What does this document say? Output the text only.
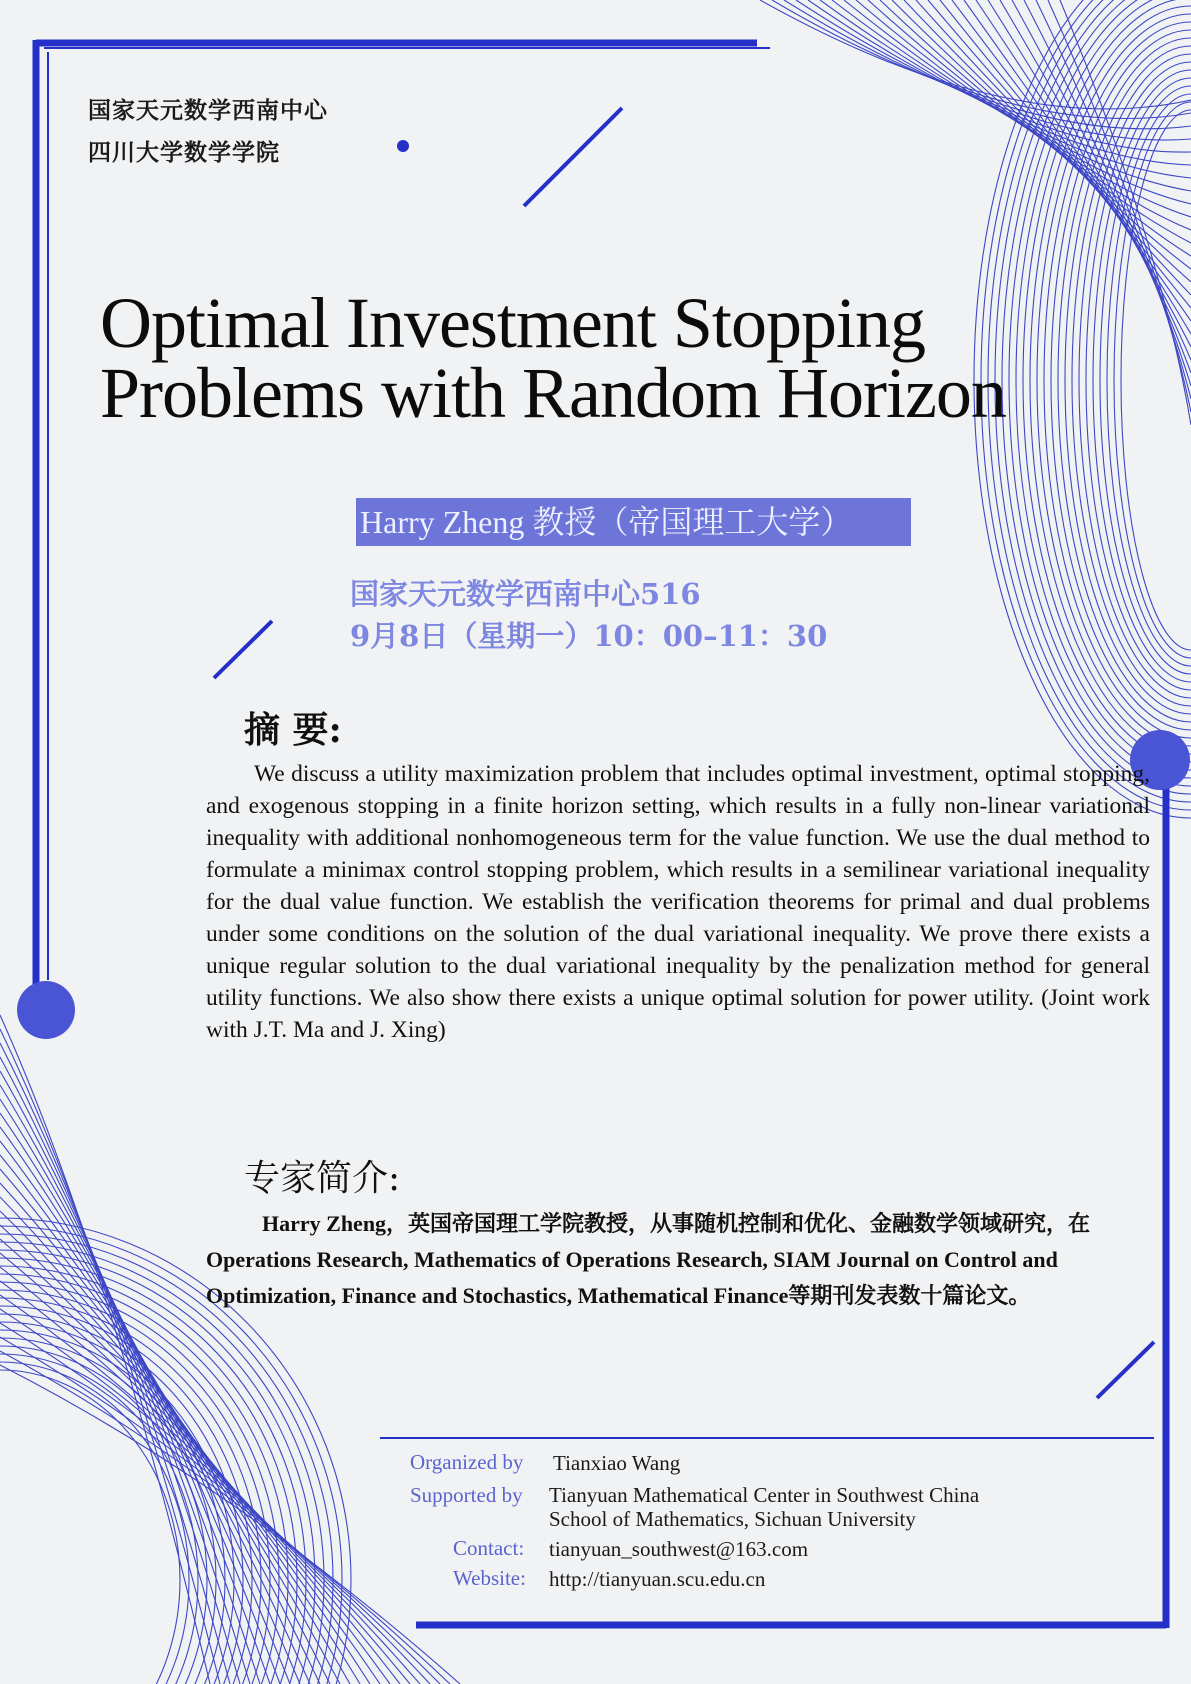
国家天元数学西南中心
四川大学数学学院
Optimal Investment Stopping
Problems with Random Horizon
Harry Zheng 教授（帝国理工大学）
国家天元数学西南中心516
9月8日（星期一）10：00–11：30
摘 要:
We discuss a utility maximization problem that includes optimal investment, optimal stopping, and exogenous stopping in a finite horizon setting, which results in a fully non-linear variational inequality with additional nonhomogeneous term for the value function. We use the dual method to formulate a minimax control stopping problem, which results in a semilinear variational inequality for the dual value function. We establish the verification theorems for primal and dual problems under some conditions on the solution of the dual variational inequality. We prove there exists a unique regular solution to the dual variational inequality by the penalization method for general utility functions. We also show there exists a unique optimal solution for power utility. (Joint work with J.T. Ma and J. Xing)
专家简介:
Harry Zheng，英国帝国理工学院教授，从事随机控制和优化、金融数学领域研究，在Operations Research, Mathematics of Operations Research, SIAM Journal on Control and Optimization, Finance and Stochastics, Mathematical Finance等期刊发表数十篇论文。
Organized by Tianxiao Wang
Supported by Tianyuan Mathematical Center in Southwest China
School of Mathematics, Sichuan University
Contact: tianyuan_southwest@163.com
Website: http://tianyuan.scu.edu.cn
